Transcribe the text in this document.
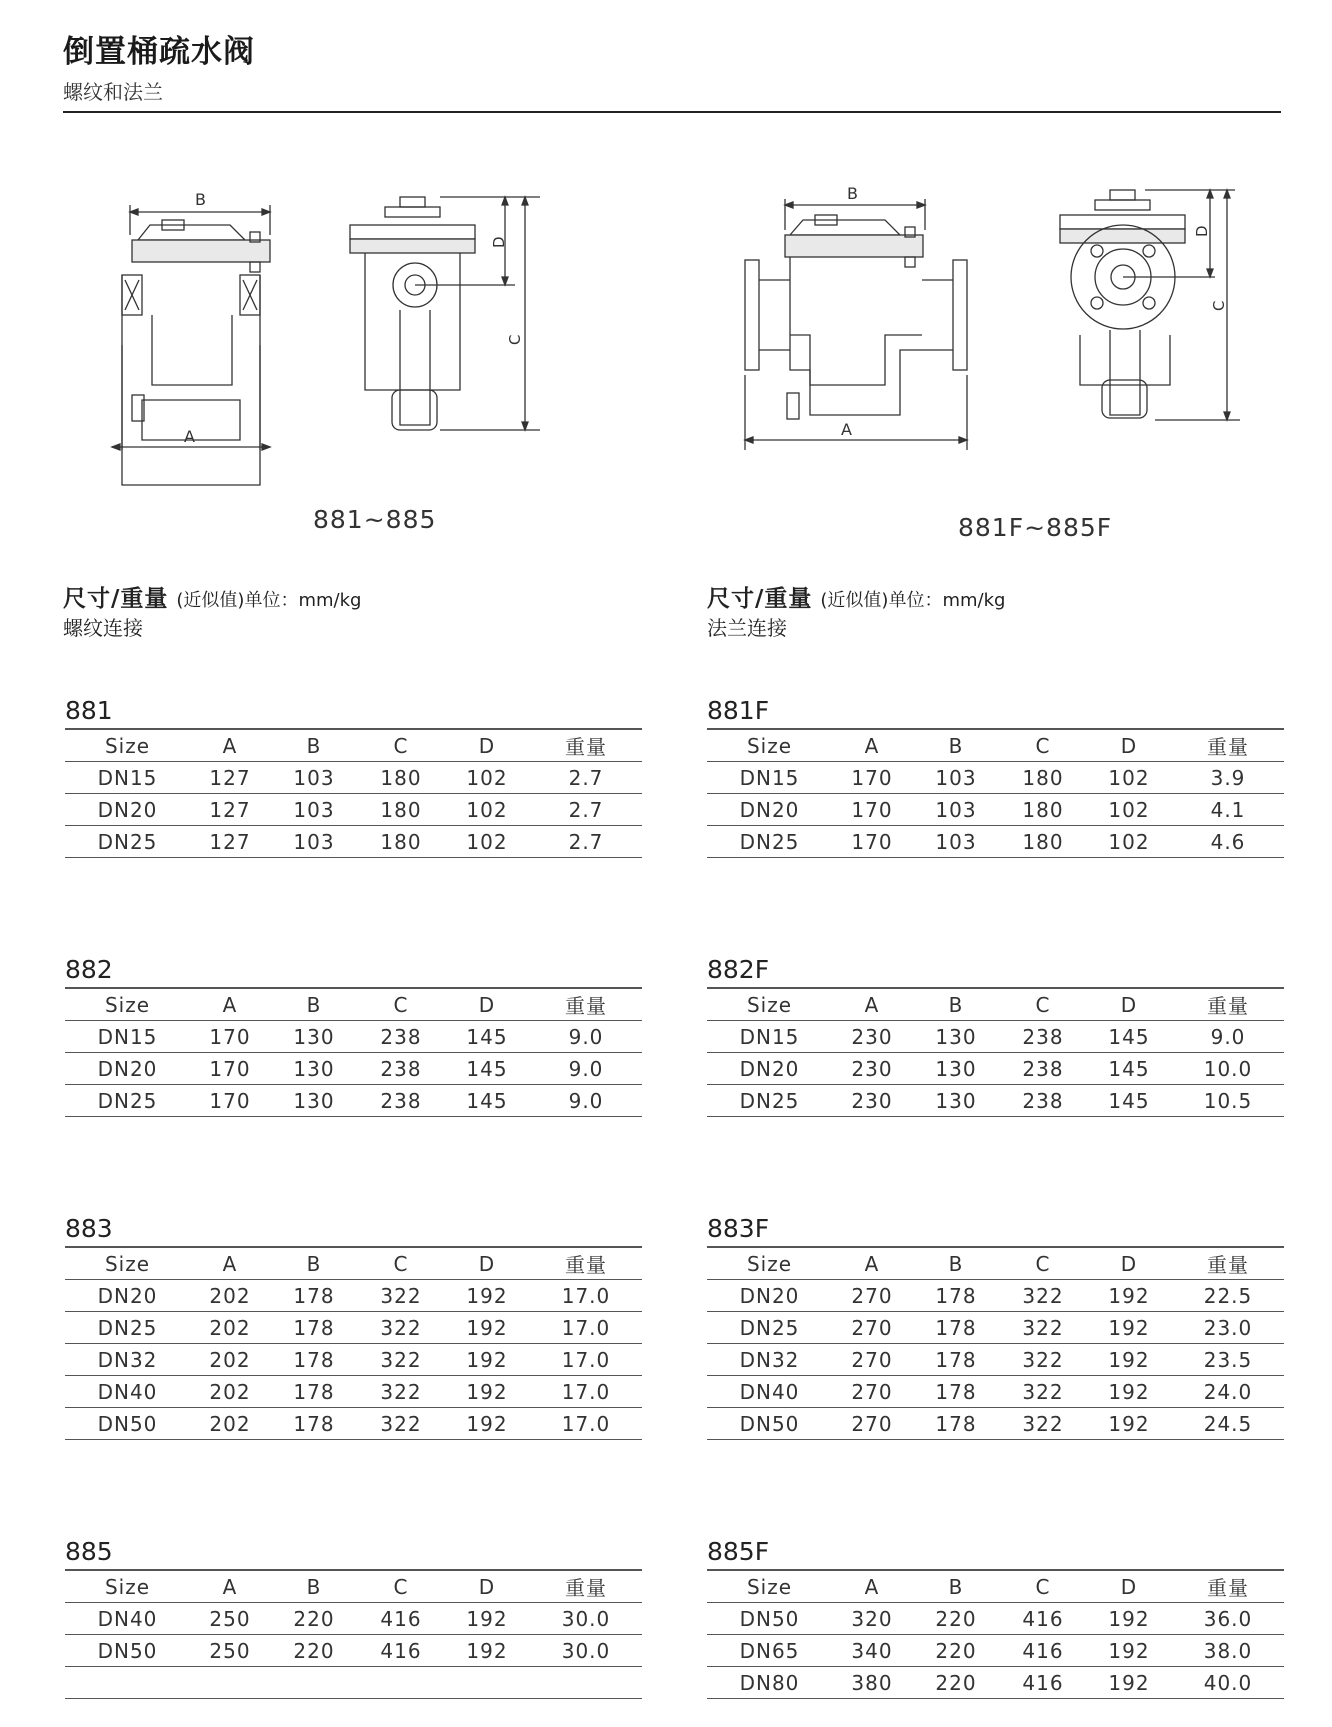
倒置桶疏水阀
螺纹和法兰
B
A
D
C
881~885
B
A
D
C
881F~885F
尺寸/重量 (近似值)单位：mm/kg
螺纹连接
尺寸/重量 (近似值)单位：mm/kg
法兰连接
881
Size	A	B	C	D	重量
DN15	127	103	180	102	2.7
DN20	127	103	180	102	2.7
DN25	127	103	180	102	2.7
882
Size	A	B	C	D	重量
DN15	170	130	238	145	9.0
DN20	170	130	238	145	9.0
DN25	170	130	238	145	9.0
883
Size	A	B	C	D	重量
DN20	202	178	322	192	17.0
DN25	202	178	322	192	17.0
DN32	202	178	322	192	17.0
DN40	202	178	322	192	17.0
DN50	202	178	322	192	17.0
885
Size	A	B	C	D	重量
DN40	250	220	416	192	30.0
DN50	250	220	416	192	30.0

881F
Size	A	B	C	D	重量
DN15	170	103	180	102	3.9
DN20	170	103	180	102	4.1
DN25	170	103	180	102	4.6
882F
Size	A	B	C	D	重量
DN15	230	130	238	145	9.0
DN20	230	130	238	145	10.0
DN25	230	130	238	145	10.5
883F
Size	A	B	C	D	重量
DN20	270	178	322	192	22.5
DN25	270	178	322	192	23.0
DN32	270	178	322	192	23.5
DN40	270	178	322	192	24.0
DN50	270	178	322	192	24.5
885F
Size	A	B	C	D	重量
DN50	320	220	416	192	36.0
DN65	340	220	416	192	38.0
DN80	380	220	416	192	40.0
